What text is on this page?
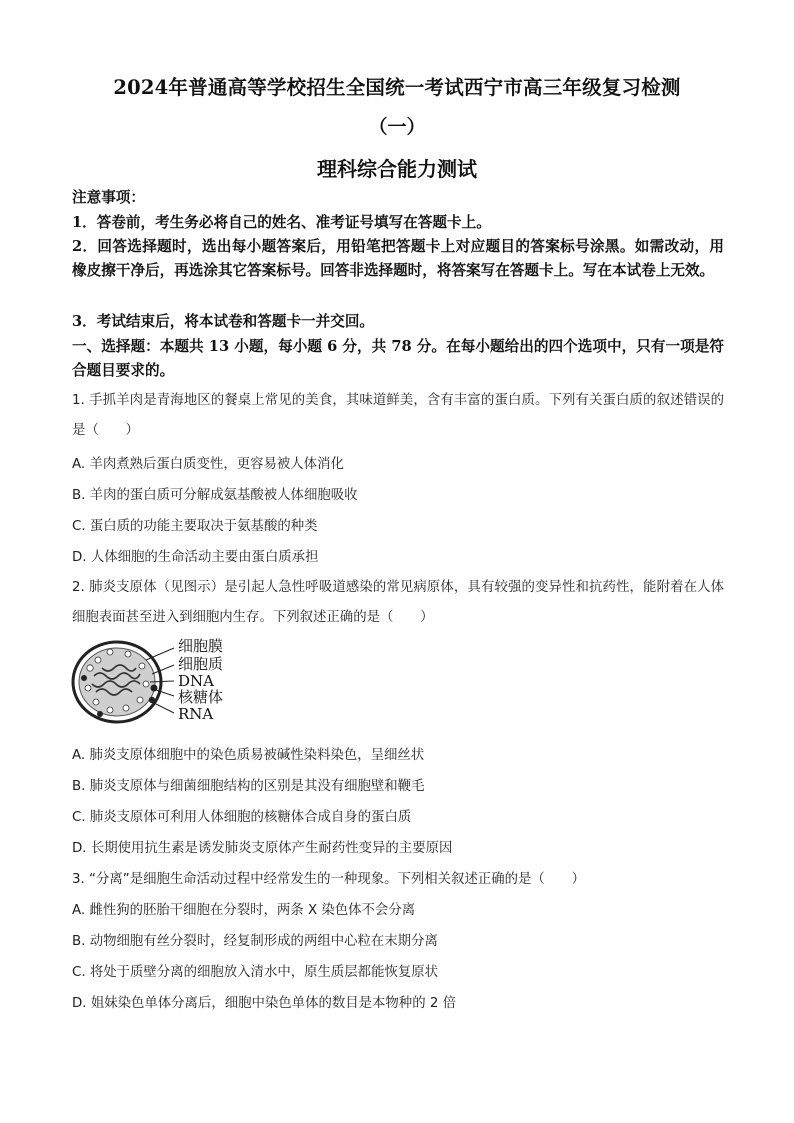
2024年普通高等学校招生全国统一考试西宁市高三年级复习检测
（一）
理科综合能力测试
注意事项：
1．答卷前，考生务必将自己的姓名、准考证号填写在答题卡上。
2．回答选择题时，选出每小题答案后，用铅笔把答题卡上对应题目的答案标号涂黑。如需改动，用橡皮擦干净后，再选涂其它答案标号。回答非选择题时，将答案写在答题卡上。写在本试卷上无效。
3．考试结束后，将本试卷和答题卡一并交回。
一、选择题：本题共 13 小题，每小题 6 分，共 78 分。在每小题给出的四个选项中，只有一项是符合题目要求的。
1. 手抓羊肉是青海地区的餐桌上常见的美食，其味道鲜美，含有丰富的蛋白质。下列有关蛋白质的叙述错误的是（　　）
A. 羊肉煮熟后蛋白质变性，更容易被人体消化
B. 羊肉的蛋白质可分解成氨基酸被人体细胞吸收
C. 蛋白质的功能主要取决于氨基酸的种类
D. 人体细胞的生命活动主要由蛋白质承担
2. 肺炎支原体（见图示）是引起人急性呼吸道感染的常见病原体，具有较强的变异性和抗药性，能附着在人体细胞表面甚至进入到细胞内生存。下列叙述正确的是（　　）
细胞膜
细胞质
DNA
核糖体
RNA
A. 肺炎支原体细胞中的染色质易被碱性染料染色，呈细丝状
B. 肺炎支原体与细菌细胞结构的区别是其没有细胞壁和鞭毛
C. 肺炎支原体可利用人体细胞的核糖体合成自身的蛋白质
D. 长期使用抗生素是诱发肺炎支原体产生耐药性变异的主要原因
3. “分离”是细胞生命活动过程中经常发生的一种现象。下列相关叙述正确的是（　　）
A. 雌性狗的胚胎干细胞在分裂时，两条 X 染色体不会分离
B. 动物细胞有丝分裂时，经复制形成的两组中心粒在末期分离
C. 将处于质壁分离的细胞放入清水中，原生质层都能恢复原状
D. 姐妹染色单体分离后，细胞中染色单体的数目是本物种的 2 倍
